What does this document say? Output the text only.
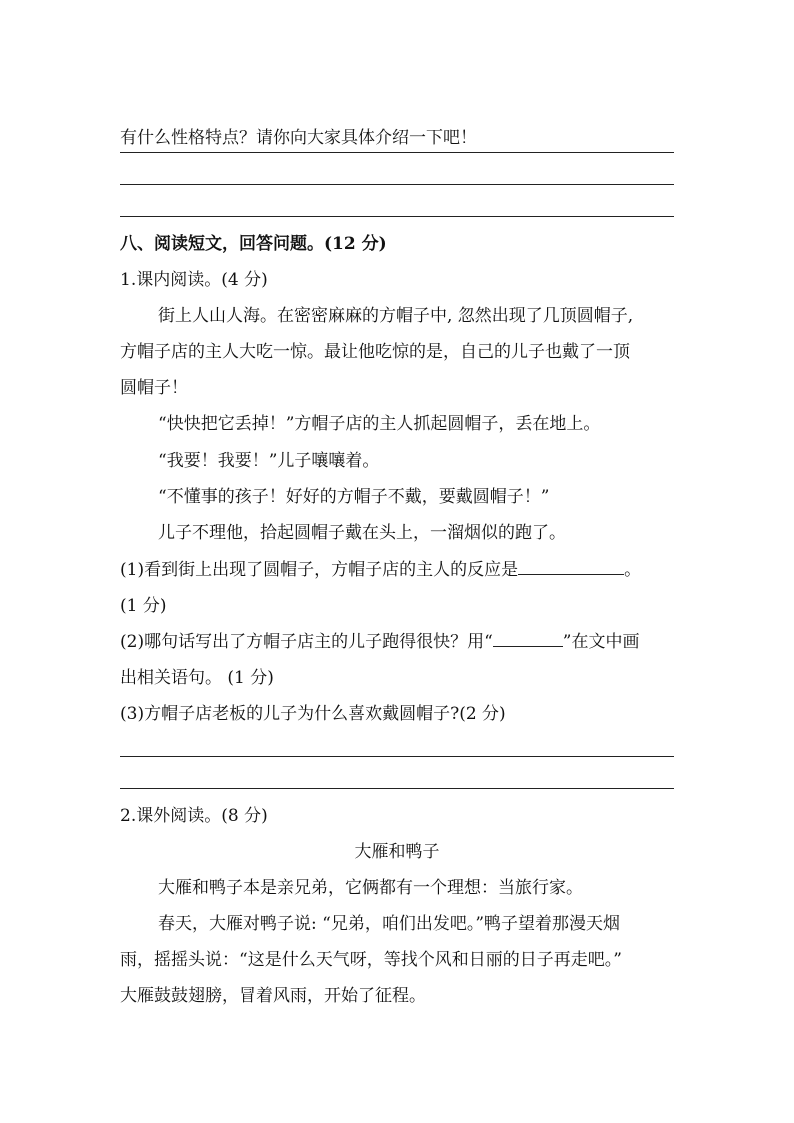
有什么性格特点？请你向大家具体介绍一下吧！
八、阅读短文，回答问题。(12 分)
1.课内阅读。(4 分)
街上人山人海。在密密麻麻的方帽子中, 忽然出现了几顶圆帽子,
方帽子店的主人大吃一惊。最让他吃惊的是，自己的儿子也戴了一顶
圆帽子！
“快快把它丢掉！”方帽子店的主人抓起圆帽子，丢在地上。
“我要！我要！”儿子嚷嚷着。
“不懂事的孩子！好好的方帽子不戴，要戴圆帽子！”
儿子不理他，拾起圆帽子戴在头上，一溜烟似的跑了。
(1)看到街上出现了圆帽子，方帽子店的主人的反应是	。
(1 分)
(2)哪句话写出了方帽子店主的儿子跑得很快？用“	”在文中画
出相关语句。 (1 分)
(3)方帽子店老板的儿子为什么喜欢戴圆帽子?(2 分)
2.课外阅读。(8 分)
大雁和鸭子
大雁和鸭子本是亲兄弟，它俩都有一个理想：当旅行家。
春天，大雁对鸭子说: “兄弟，咱们出发吧。”鸭子望着那漫天烟
雨，摇摇头说：“这是什么天气呀，等找个风和日丽的日子再走吧。”
大雁鼓鼓翅膀，冒着风雨，开始了征程。
